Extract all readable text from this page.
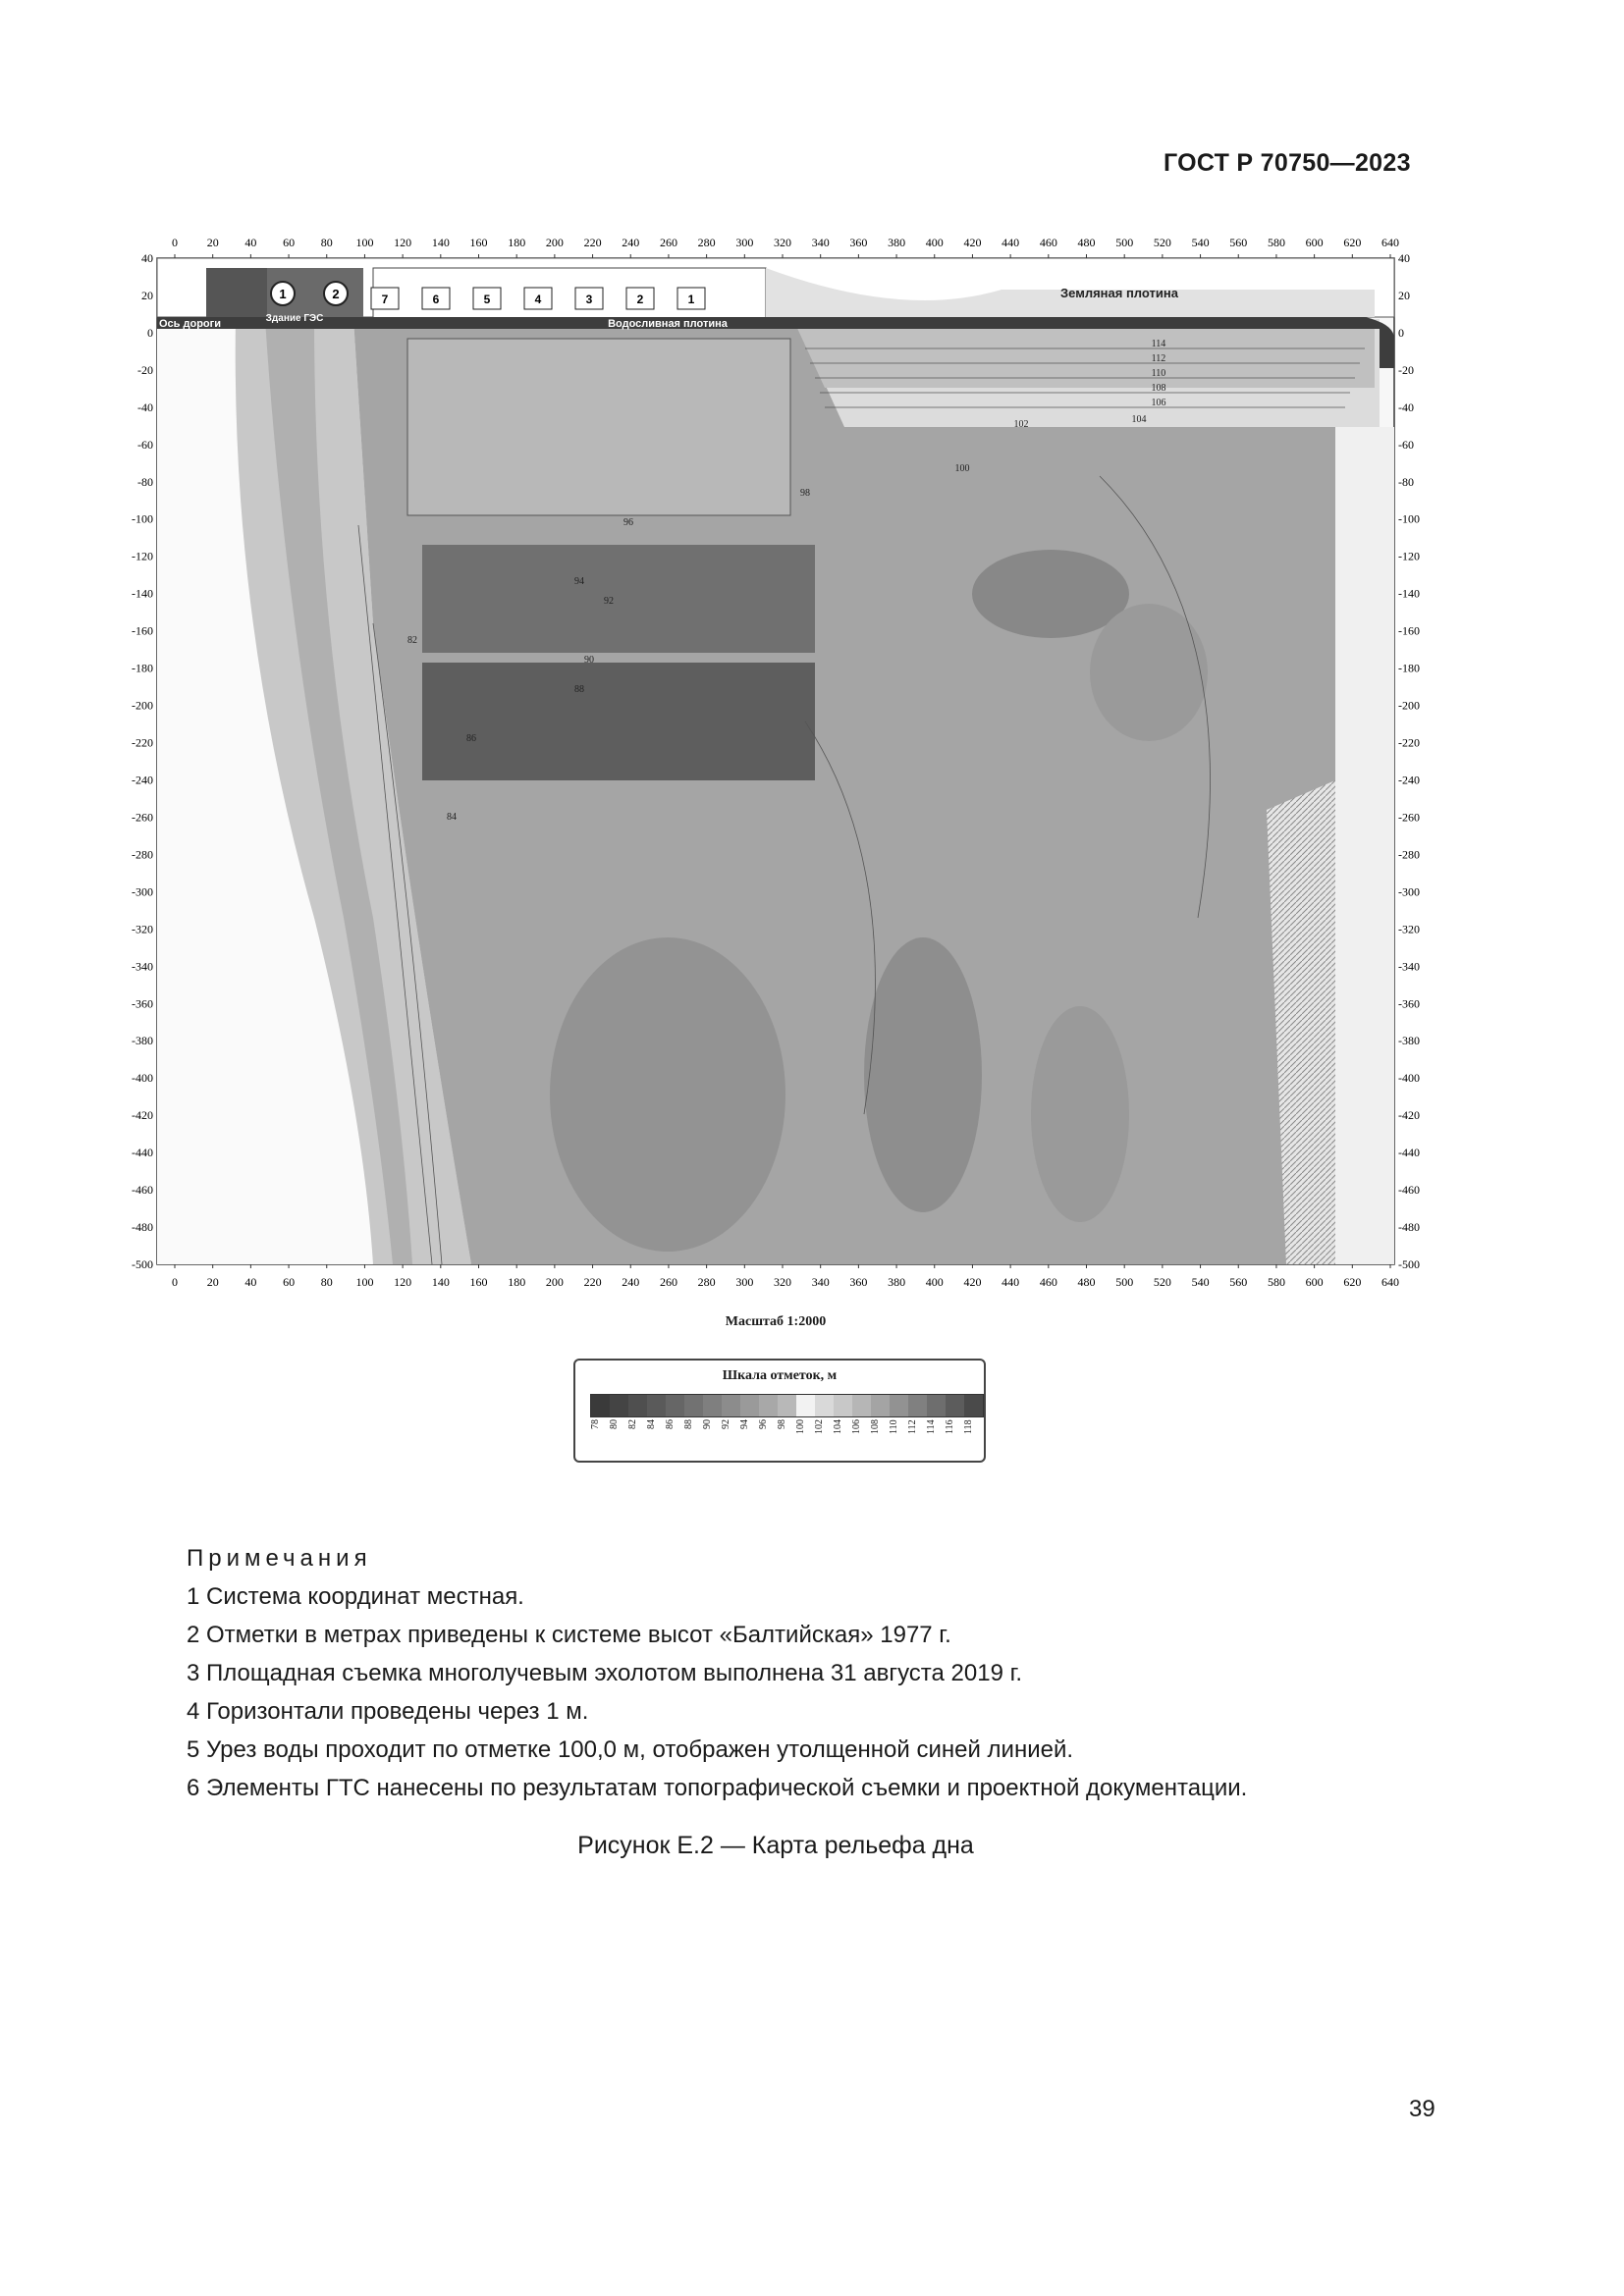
ГОСТ Р 70750—2023
Здание ГЭС
Земляная плотина
Ось дороги	Водосливная плотина
1	2	7	6	5	4	3	2	1
114
112
110
108
106
104
102
100
98
96
94
92
90
88
86
84
82
0 20 40 60 80 100 120 140 160 180 200 220 240 260 280 300 320 340 360 380 400 420 440 460 480 500 520 540 560 580 600 620 640
0 20 40 60 80 100 120 140 160 180 200 220 240 260 280 300 320 340 360 380 400 420 440 460 480 500 520 540 560 580 600 620 640
40
20
0
-20
-40
-60
-80
-100
-120
-140
-160
-180
-200
-220
-240
-260
-280
-300
-320
-340
-360
-380
-400
-420
-440
-460
-480
-500
40
20
0
-20
-40
-60
-80
-100
-120
-140
-160
-180
-200
-220
-240
-260
-280
-300
-320
-340
-360
-380
-400
-420
-440
-460
-480
-500
Масштаб 1:2000
Шкала отметок, м
78 80 82 84 86 88 90 92 94 96 98 100 102 104 106 108 110 112 114 116 118
Примечания
1 Система координат местная.
2 Отметки в метрах приведены к системе высот «Балтийская» 1977 г.
3 Площадная съемка многолучевым эхолотом выполнена 31 августа 2019 г.
4 Горизонтали проведены через 1 м.
5 Урез воды проходит по отметке 100,0 м, отображен утолщенной синей линией.
6 Элементы ГТС нанесены по результатам топографической съемки и проектной документации.
Рисунок Е.2 — Карта рельефа дна
39
